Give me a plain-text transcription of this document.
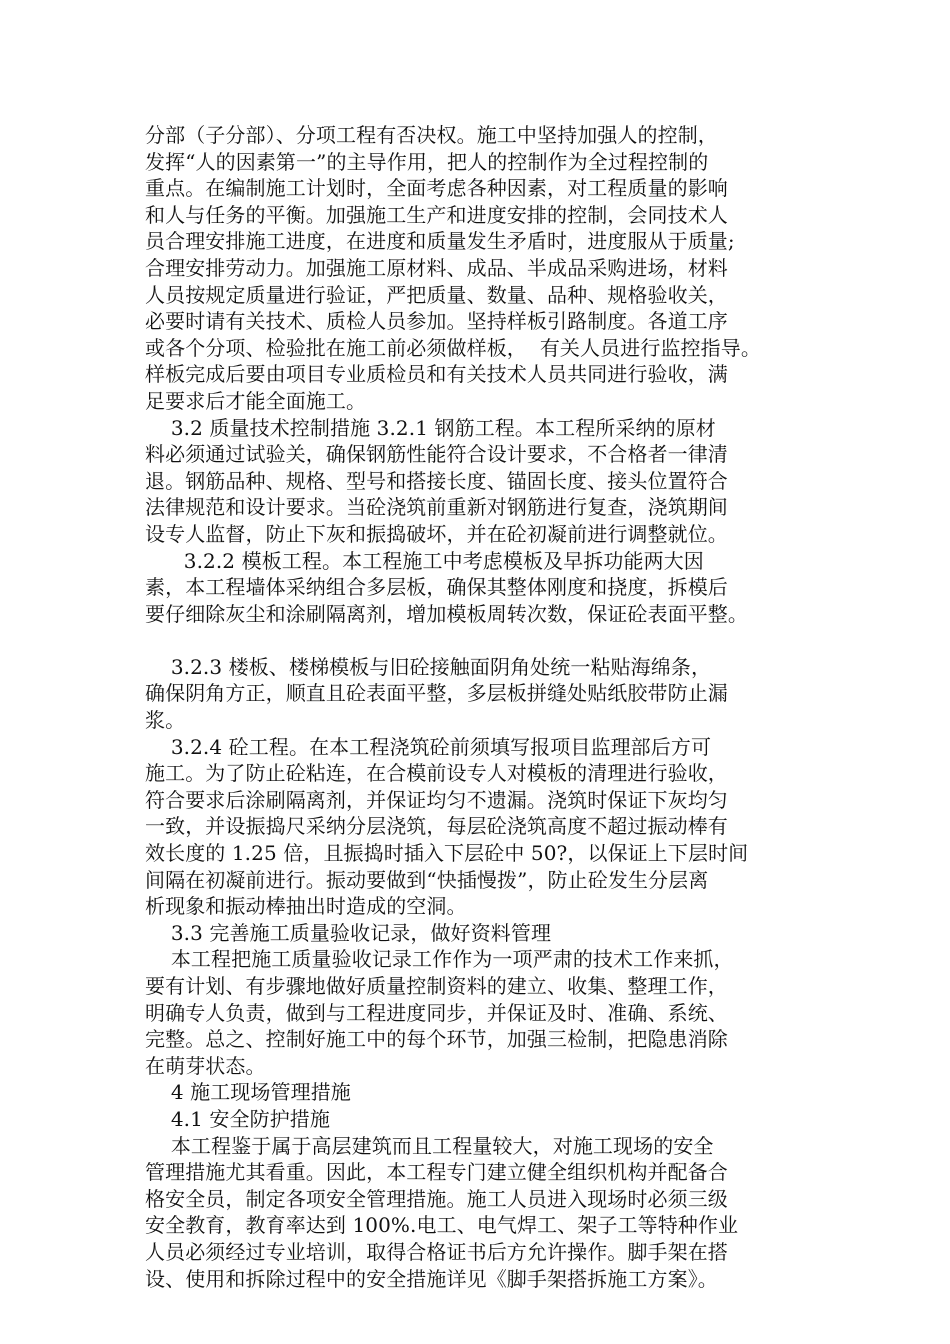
分部（子分部）、分项工程有否决权。施工中坚持加强人的控制，
发挥“人的因素第一”的主导作用，把人的控制作为全过程控制的
重点。在编制施工计划时，全面考虑各种因素，对工程质量的影响
和人与任务的平衡。加强施工生产和进度安排的控制，会同技术人
员合理安排施工进度，在进度和质量发生矛盾时，进度服从于质量;
合理安排劳动力。加强施工原材料、成品、半成品采购进场，材料
人员按规定质量进行验证，严把质量、数量、品种、规格验收关，
必要时请有关技术、质检人员参加。坚持样板引路制度。各道工序
或各个分项、检验批在施工前必须做样板，  有关人员进行监控指导。
样板完成后要由项目专业质检员和有关技术人员共同进行验收，满
足要求后才能全面施工。
3.2 质量技术控制措施 3.2.1 钢筋工程。本工程所采纳的原材
料必须通过试验关，确保钢筋性能符合设计要求，不合格者一律清
退。钢筋品种、规格、型号和搭接长度、锚固长度、接头位置符合
法律规范和设计要求。当砼浇筑前重新对钢筋进行复查，浇筑期间
设专人监督，防止下灰和振捣破坏，并在砼初凝前进行调整就位。
3.2.2 模板工程。本工程施工中考虑模板及早拆功能两大因
素，本工程墙体采纳组合多层板，确保其整体刚度和挠度，拆模后
要仔细除灰尘和涂刷隔离剂，增加模板周转次数，保证砼表面平整。
3.2.3 楼板、楼梯模板与旧砼接触面阴角处统一粘贴海绵条，
确保阴角方正，顺直且砼表面平整，多层板拼缝处贴纸胶带防止漏
浆。
3.2.4 砼工程。在本工程浇筑砼前须填写报项目监理部后方可
施工。为了防止砼粘连，在合模前设专人对模板的清理进行验收，
符合要求后涂刷隔离剂，并保证均匀不遗漏。浇筑时保证下灰均匀
一致，并设振捣尺采纳分层浇筑，每层砼浇筑高度不超过振动棒有
效长度的 1.25 倍，且振捣时插入下层砼中 50?，以保证上下层时间
间隔在初凝前进行。振动要做到“快插慢拨”，防止砼发生分层离
析现象和振动棒抽出时造成的空洞。
3.3 完善施工质量验收记录，做好资料管理
本工程把施工质量验收记录工作作为一项严肃的技术工作来抓，
要有计划、有步骤地做好质量控制资料的建立、收集、整理工作，
明确专人负责，做到与工程进度同步，并保证及时、准确、系统、
完整。总之、控制好施工中的每个环节，加强三检制，把隐患消除
在萌芽状态。
4 施工现场管理措施
4.1 安全防护措施
本工程鉴于属于高层建筑而且工程量较大，对施工现场的安全
管理措施尤其看重。因此，本工程专门建立健全组织机构并配备合
格安全员，制定各项安全管理措施。施工人员进入现场时必须三级
安全教育，教育率达到 100%.电工、电气焊工、架子工等特种作业
人员必须经过专业培训，取得合格证书后方允许操作。脚手架在搭
设、使用和拆除过程中的安全措施详见《脚手架搭拆施工方案》。
